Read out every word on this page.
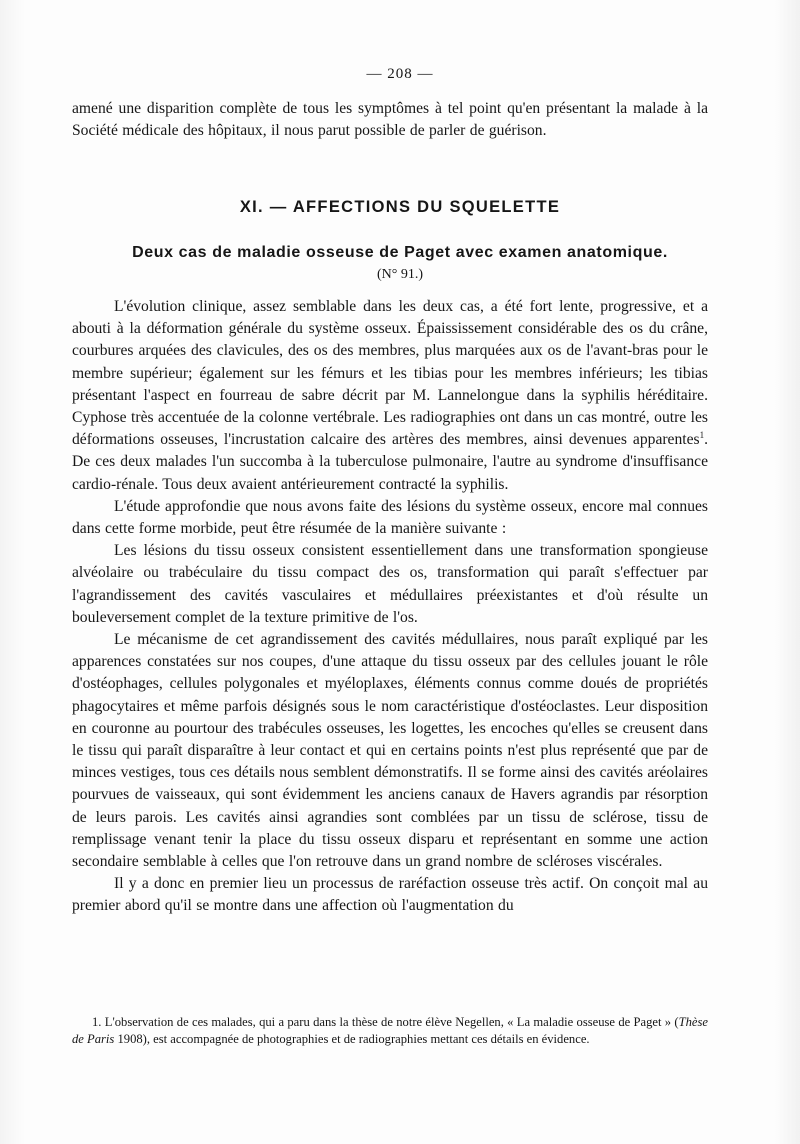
— 208 —

amené une disparition complète de tous les symptômes à tel point qu'en présentant la malade à la Société médicale des hôpitaux, il nous parut possible de parler de guérison.

XI. — AFFECTIONS DU SQUELETTE
Deux cas de maladie osseuse de Paget avec examen anatomique.
(N° 91.)

L'évolution clinique, assez semblable dans les deux cas, a été fort lente, progressive, et a abouti à la déformation générale du système osseux. Épaississement considérable des os du crâne, courbures arquées des clavicules, des os des membres, plus marquées aux os de l'avant-bras pour le membre supérieur; également sur les fémurs et les tibias pour les membres inférieurs; les tibias présentant l'aspect en fourreau de sabre décrit par M. Lannelongue dans la syphilis héréditaire. Cyphose très accentuée de la colonne vertébrale. Les radiographies ont dans un cas montré, outre les déformations osseuses, l'incrustation calcaire des artères des membres, ainsi devenues apparentes$^1$. De ces deux malades l'un succomba à la tuberculose pulmonaire, l'autre au syndrome d'insuffisance cardio-rénale. Tous deux avaient antérieurement contracté la syphilis.

L'étude approfondie que nous avons faite des lésions du système osseux, encore mal connues dans cette forme morbide, peut être résumée de la manière suivante :

Les lésions du tissu osseux consistent essentiellement dans une transformation spongieuse alvéolaire ou trabéculaire du tissu compact des os, transformation qui paraît s'effectuer par l'agrandissement des cavités vasculaires et médullaires préexistantes et d'où résulte un bouleversement complet de la texture primitive de l'os.

Le mécanisme de cet agrandissement des cavités médullaires, nous paraît expliqué par les apparences constatées sur nos coupes, d'une attaque du tissu osseux par des cellules jouant le rôle d'ostéophages, cellules polygonales et myéloplaxes, éléments connus comme doués de propriétés phagocytaires et même parfois désignés sous le nom caractéristique d'ostéoclastes. Leur disposition en couronne au pourtour des trabécules osseuses, les logettes, les encoches qu'elles se creusent dans le tissu qui paraît disparaître à leur contact et qui en certains points n'est plus représenté que par de minces vestiges, tous ces détails nous semblent démonstratifs. Il se forme ainsi des cavités aréolaires pourvues de vaisseaux, qui sont évidemment les anciens canaux de Havers agrandis par résorption de leurs parois. Les cavités ainsi agrandies sont comblées par un tissu de sclérose, tissu de remplissage venant tenir la place du tissu osseux disparu et représentant en somme une action secondaire semblable à celles que l'on retrouve dans un grand nombre de scléroses viscérales.

Il y a donc en premier lieu un processus de raréfaction osseuse très actif. On conçoit mal au premier abord qu'il se montre dans une affection où l'augmentation du

1. L'observation de ces malades, qui a paru dans la thèse de notre élève Negellen, « La maladie osseuse de Paget » (Thèse de Paris 1908), est accompagnée de photographies et de radiographies mettant ces détails en évidence.
